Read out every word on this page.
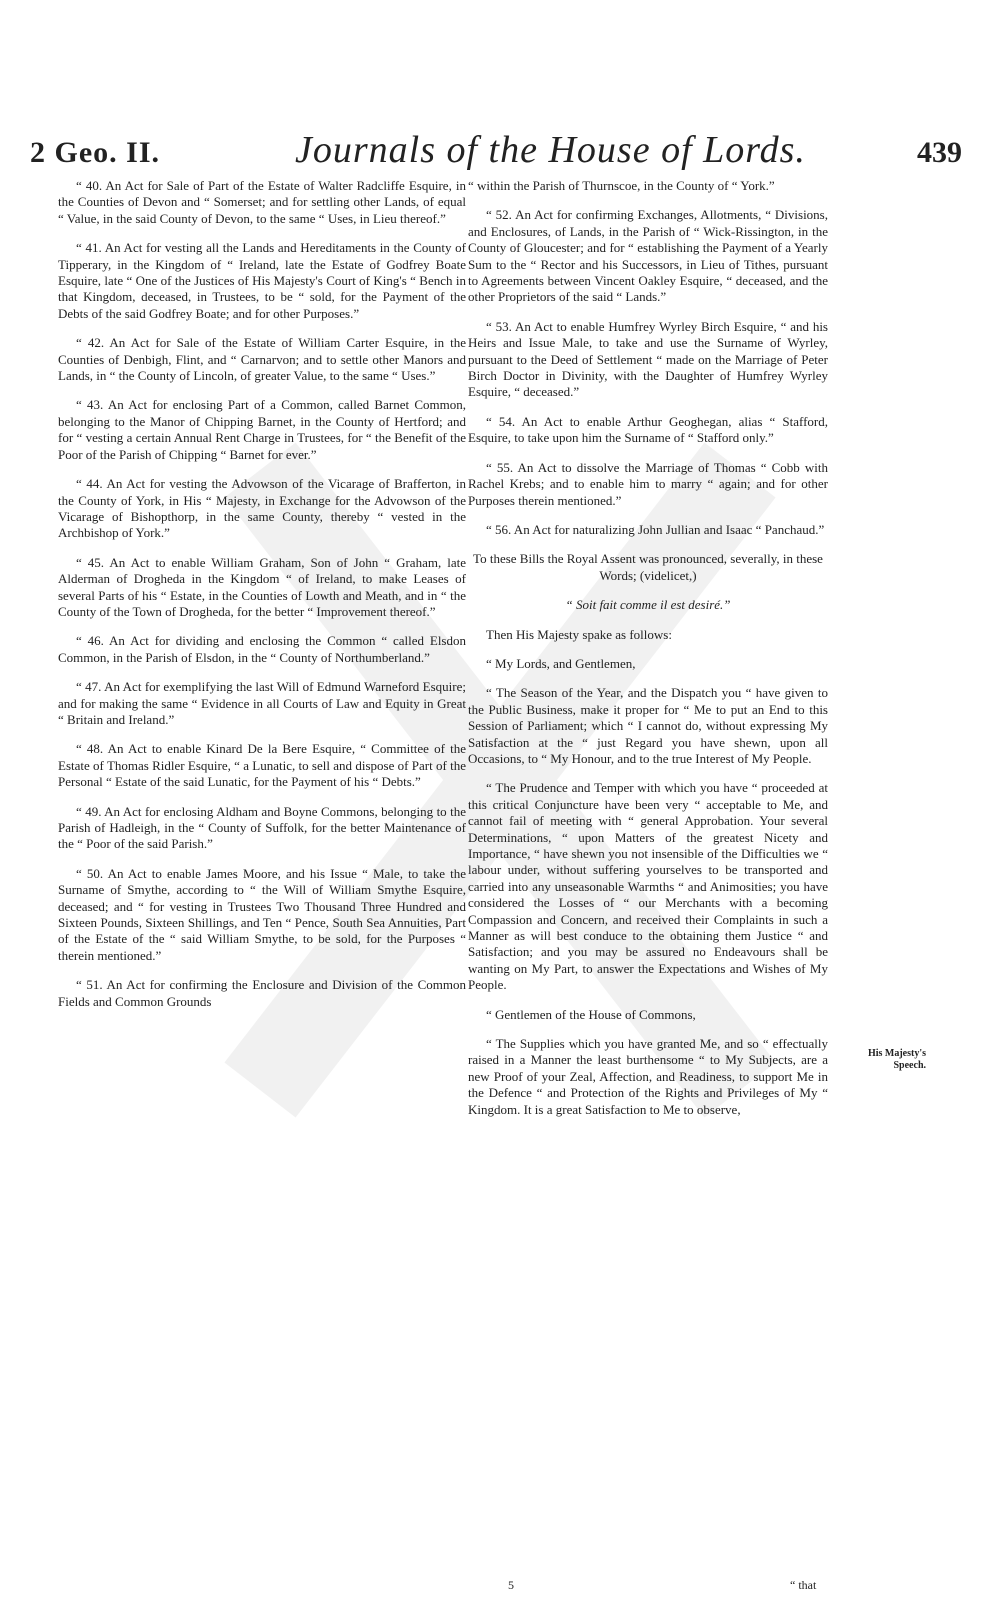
2 Geo. II.	Journals of the House of Lords.	439

“ 40. An Act for Sale of Part of the Estate of Walter Radcliffe Esquire, in the Counties of Devon and “ Somerset; and for settling other Lands, of equal “ Value, in the said County of Devon, to the same “ Uses, in Lieu thereof.”

“ 41. An Act for vesting all the Lands and Hereditaments in the County of Tipperary, in the Kingdom of “ Ireland, late the Estate of Godfrey Boate Esquire, late “ One of the Justices of His Majesty's Court of King's “ Bench in that Kingdom, deceased, in Trustees, to be “ sold, for the Payment of the Debts of the said Godfrey Boate; and for other Purposes.”

“ 42. An Act for Sale of the Estate of William Carter Esquire, in the Counties of Denbigh, Flint, and “ Carnarvon; and to settle other Manors and Lands, in “ the County of Lincoln, of greater Value, to the same “ Uses.”

“ 43. An Act for enclosing Part of a Common, called Barnet Common, belonging to the Manor of Chipping Barnet, in the County of Hertford; and for “ vesting a certain Annual Rent Charge in Trustees, for “ the Benefit of the Poor of the Parish of Chipping “ Barnet for ever.”

“ 44. An Act for vesting the Advowson of the Vicarage of Brafferton, in the County of York, in His “ Majesty, in Exchange for the Advowson of the Vicarage of Bishopthorp, in the same County, thereby “ vested in the Archbishop of York.”

“ 45. An Act to enable William Graham, Son of John “ Graham, late Alderman of Drogheda in the Kingdom “ of Ireland, to make Leases of several Parts of his “ Estate, in the Counties of Lowth and Meath, and in “ the County of the Town of Drogheda, for the better “ Improvement thereof.”

“ 46. An Act for dividing and enclosing the Common “ called Elsdon Common, in the Parish of Elsdon, in the “ County of Northumberland.”

“ 47. An Act for exemplifying the last Will of Edmund Warneford Esquire; and for making the same “ Evidence in all Courts of Law and Equity in Great “ Britain and Ireland.”

“ 48. An Act to enable Kinard De la Bere Esquire, “ Committee of the Estate of Thomas Ridler Esquire, “ a Lunatic, to sell and dispose of Part of the Personal “ Estate of the said Lunatic, for the Payment of his “ Debts.”

“ 49. An Act for enclosing Aldham and Boyne Commons, belonging to the Parish of Hadleigh, in the “ County of Suffolk, for the better Maintenance of the “ Poor of the said Parish.”

“ 50. An Act to enable James Moore, and his Issue “ Male, to take the Surname of Smythe, according to “ the Will of William Smythe Esquire, deceased; and “ for vesting in Trustees Two Thousand Three Hundred and Sixteen Pounds, Sixteen Shillings, and Ten “ Pence, South Sea Annuities, Part of the Estate of the “ said William Smythe, to be sold, for the Purposes “ therein mentioned.”

“ 51. An Act for confirming the Enclosure and Division of the Common Fields and Common Grounds

“ within the Parish of Thurnscoe, in the County of “ York.”

“ 52. An Act for confirming Exchanges, Allotments, “ Divisions, and Enclosures, of Lands, in the Parish of “ Wick-Rissington, in the County of Gloucester; and for “ establishing the Payment of a Yearly Sum to the “ Rector and his Successors, in Lieu of Tithes, pursuant to Agreements between Vincent Oakley Esquire, “ deceased, and the other Proprietors of the said “ Lands.”

“ 53. An Act to enable Humfrey Wyrley Birch Esquire, “ and his Heirs and Issue Male, to take and use the Surname of Wyrley, pursuant to the Deed of Settlement “ made on the Marriage of Peter Birch Doctor in Divinity, with the Daughter of Humfrey Wyrley Esquire, “ deceased.”

“ 54. An Act to enable Arthur Geoghegan, alias “ Stafford, Esquire, to take upon him the Surname of “ Stafford only.”

“ 55. An Act to dissolve the Marriage of Thomas “ Cobb with Rachel Krebs; and to enable him to marry “ again; and for other Purposes therein mentioned.”

“ 56. An Act for naturalizing John Jullian and Isaac “ Panchaud.”

To these Bills the Royal Assent was pronounced, severally, in these Words; (videlicet,)

“ Soit fait comme il est desiré.”

Then His Majesty spake as follows:

“ My Lords, and Gentlemen,

“ The Season of the Year, and the Dispatch you “ have given to the Public Business, make it proper for “ Me to put an End to this Session of Parliament; which “ I cannot do, without expressing My Satisfaction at the “ just Regard you have shewn, upon all Occasions, to “ My Honour, and to the true Interest of My People.

“ The Prudence and Temper with which you have “ proceeded at this critical Conjuncture have been very “ acceptable to Me, and cannot fail of meeting with “ general Approbation. Your several Determinations, “ upon Matters of the greatest Nicety and Importance, “ have shewn you not insensible of the Difficulties we “ labour under, without suffering yourselves to be transported and carried into any unseasonable Warmths “ and Animosities; you have considered the Losses of “ our Merchants with a becoming Compassion and Concern, and received their Complaints in such a Manner as will best conduce to the obtaining them Justice “ and Satisfaction; and you may be assured no Endeavours shall be wanting on My Part, to answer the Expectations and Wishes of My People.

“ Gentlemen of the House of Commons,

“ The Supplies which you have granted Me, and so “ effectually raised in a Manner the least burthensome “ to My Subjects, are a new Proof of your Zeal, Affection, and Readiness, to support Me in the Defence “ and Protection of the Rights and Privileges of My “ Kingdom. It is a great Satisfaction to Me to observe,

His Majesty's Speech.
5	“ that
